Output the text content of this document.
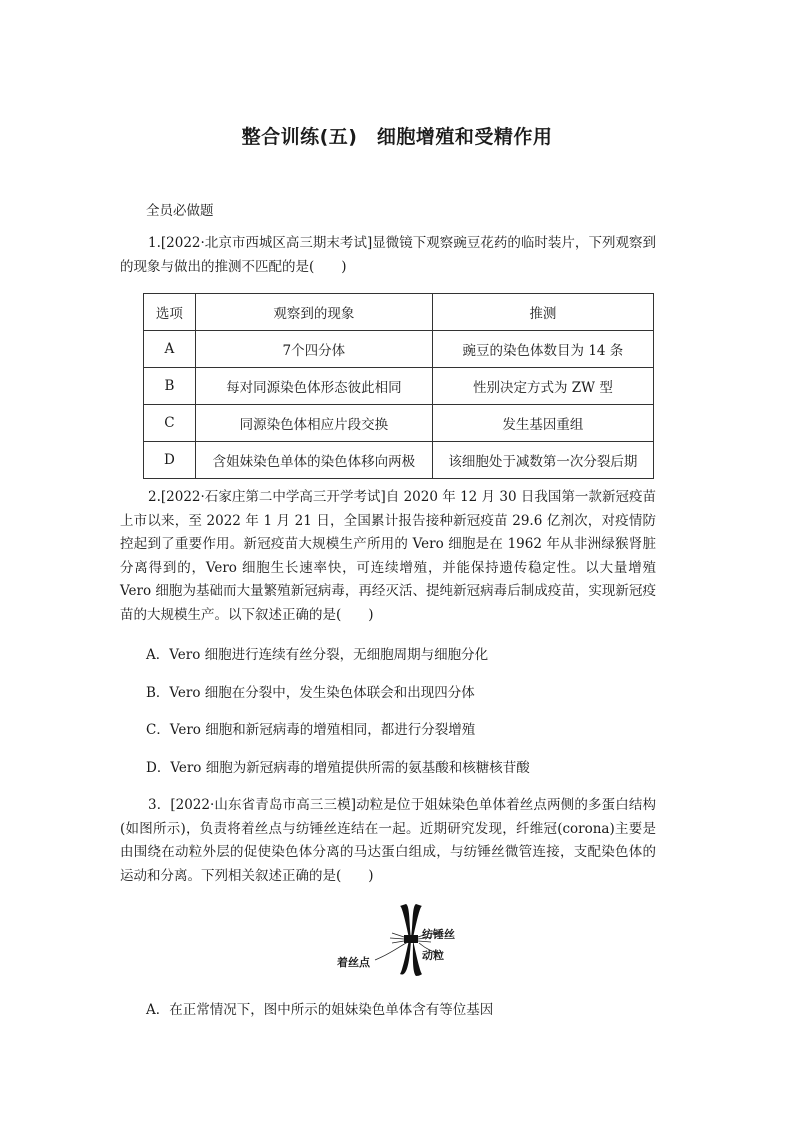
整合训练(五)　细胞增殖和受精作用
全员必做题
1.[2022·北京市西城区高三期末考试]显微镜下观察豌豆花药的临时装片，下列观察到的现象与做出的推测不匹配的是(　　)
选项	观察到的现象	推测
A	7个四分体	豌豆的染色体数目为 14 条
B	每对同源染色体形态彼此相同	性别决定方式为 ZW 型
C	同源染色体相应片段交换	发生基因重组
D	含姐妹染色单体的染色体移向两极	该细胞处于减数第一次分裂后期
2.[2022·石家庄第二中学高三开学考试]自 2020 年 12 月 30 日我国第一款新冠疫苗上市以来，至 2022 年 1 月 21 日，全国累计报告接种新冠疫苗 29.6 亿剂次，对疫情防控起到了重要作用。新冠疫苗大规模生产所用的 Vero 细胞是在 1962 年从非洲绿猴肾脏分离得到的，Vero 细胞生长速率快，可连续增殖，并能保持遗传稳定性。以大量增殖 Vero 细胞为基础而大量繁殖新冠病毒，再经灭活、提纯新冠病毒后制成疫苗，实现新冠疫苗的大规模生产。以下叙述正确的是(　　)
A．Vero 细胞进行连续有丝分裂，无细胞周期与细胞分化
B．Vero 细胞在分裂中，发生染色体联会和出现四分体
C．Vero 细胞和新冠病毒的增殖相同，都进行分裂增殖
D．Vero 细胞为新冠病毒的增殖提供所需的氨基酸和核糖核苷酸
3．[2022·山东省青岛市高三三模]动粒是位于姐妹染色单体着丝点两侧的多蛋白结构(如图所示)，负责将着丝点与纺锤丝连结在一起。近期研究发现，纤维冠(corona)主要是由围绕在动粒外层的促使染色体分离的马达蛋白组成，与纺锤丝微管连接，支配染色体的运动和分离。下列相关叙述正确的是(　　)
纺锤丝
动粒
着丝点
A．在正常情况下，图中所示的姐妹染色单体含有等位基因
